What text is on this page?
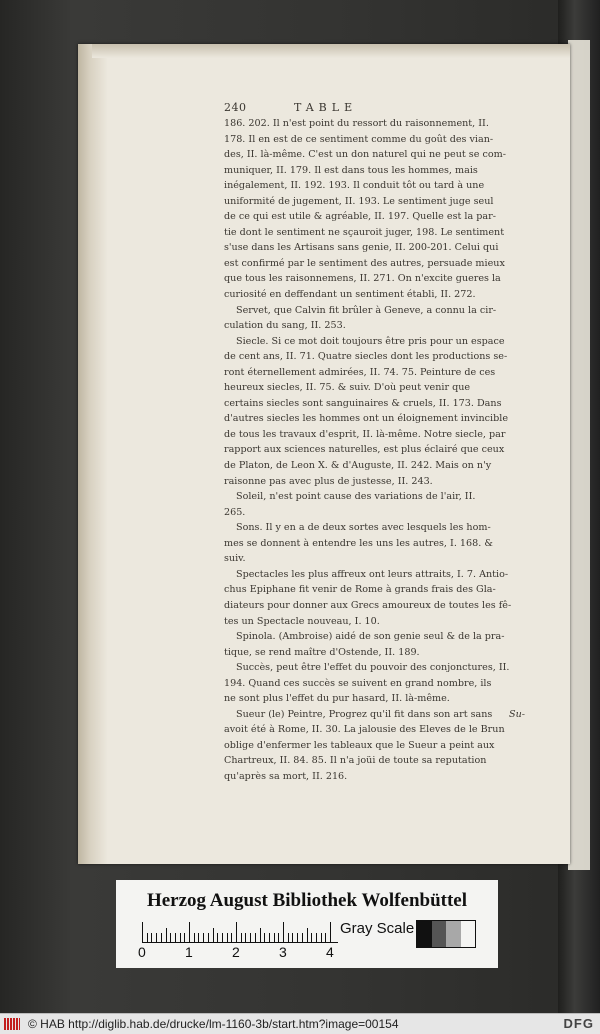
240	TABLE
186. 202. Il n'est point du ressort du raisonnement, II.
178. Il en est de ce sentiment comme du goût des vian-
des, II. là-même. C'est un don naturel qui ne peut se com-
muniquer, II. 179. Il est dans tous les hommes, mais
inégalement, II. 192. 193. Il conduit tôt ou tard à une
uniformité de jugement, II. 193. Le sentiment juge seul
de ce qui est utile & agréable, II. 197. Quelle est la par-
tie dont le sentiment ne sçauroit juger, 198. Le sentiment
s'use dans les Artisans sans genie, II. 200-201. Celui qui
est confirmé par le sentiment des autres, persuade mieux
que tous les raisonnemens, II. 271. On n'excite gueres la
curiosité en deffendant un sentiment établi, II. 272.
Servet, que Calvin fit brûler à Geneve, a connu la cir-
culation du sang, II. 253.
Siecle. Si ce mot doit toujours être pris pour un espace
de cent ans, II. 71. Quatre siecles dont les productions se-
ront éternellement admirées, II. 74. 75. Peinture de ces
heureux siecles, II. 75. & suiv. D'où peut venir que
certains siecles sont sanguinaires & cruels, II. 173. Dans
d'autres siecles les hommes ont un éloignement invincible
de tous les travaux d'esprit, II. là-même. Notre siecle, par
rapport aux sciences naturelles, est plus éclairé que ceux
de Platon, de Leon X. & d'Auguste, II. 242. Mais on n'y
raisonne pas avec plus de justesse, II. 243.
Soleil, n'est point cause des variations de l'air, II.
265.
Sons. Il y en a de deux sortes avec lesquels les hom-
mes se donnent à entendre les uns les autres, I. 168. &
suiv.
Spectacles les plus affreux ont leurs attraits, I. 7. Antio-
chus Epiphane fit venir de Rome à grands frais des Gla-
diateurs pour donner aux Grecs amoureux de toutes les fê-
tes un Spectacle nouveau, I. 10.
Spinola. (Ambroise) aidé de son genie seul & de la pra-
tique, se rend maître d'Ostende, II. 189.
Succès, peut être l'effet du pouvoir des conjonctures, II.
194. Quand ces succès se suivent en grand nombre, ils
ne sont plus l'effet du pur hasard, II. là-même.
Sueur (le) Peintre, Progrez qu'il fit dans son art sans
avoit été à Rome, II. 30. La jalousie des Eleves de le Brun
oblige d'enfermer les tableaux que le Sueur a peint aux
Chartreux, II. 84. 85. Il n'a joüi de toute sa reputation
qu'après sa mort, II. 216.
Su-
Herzog August Bibliothek Wolfenbüttel
0	1	2	3	4
Gray Scale
© HAB http://diglib.hab.de/drucke/lm-1160-3b/start.htm?image=00154	DFG
